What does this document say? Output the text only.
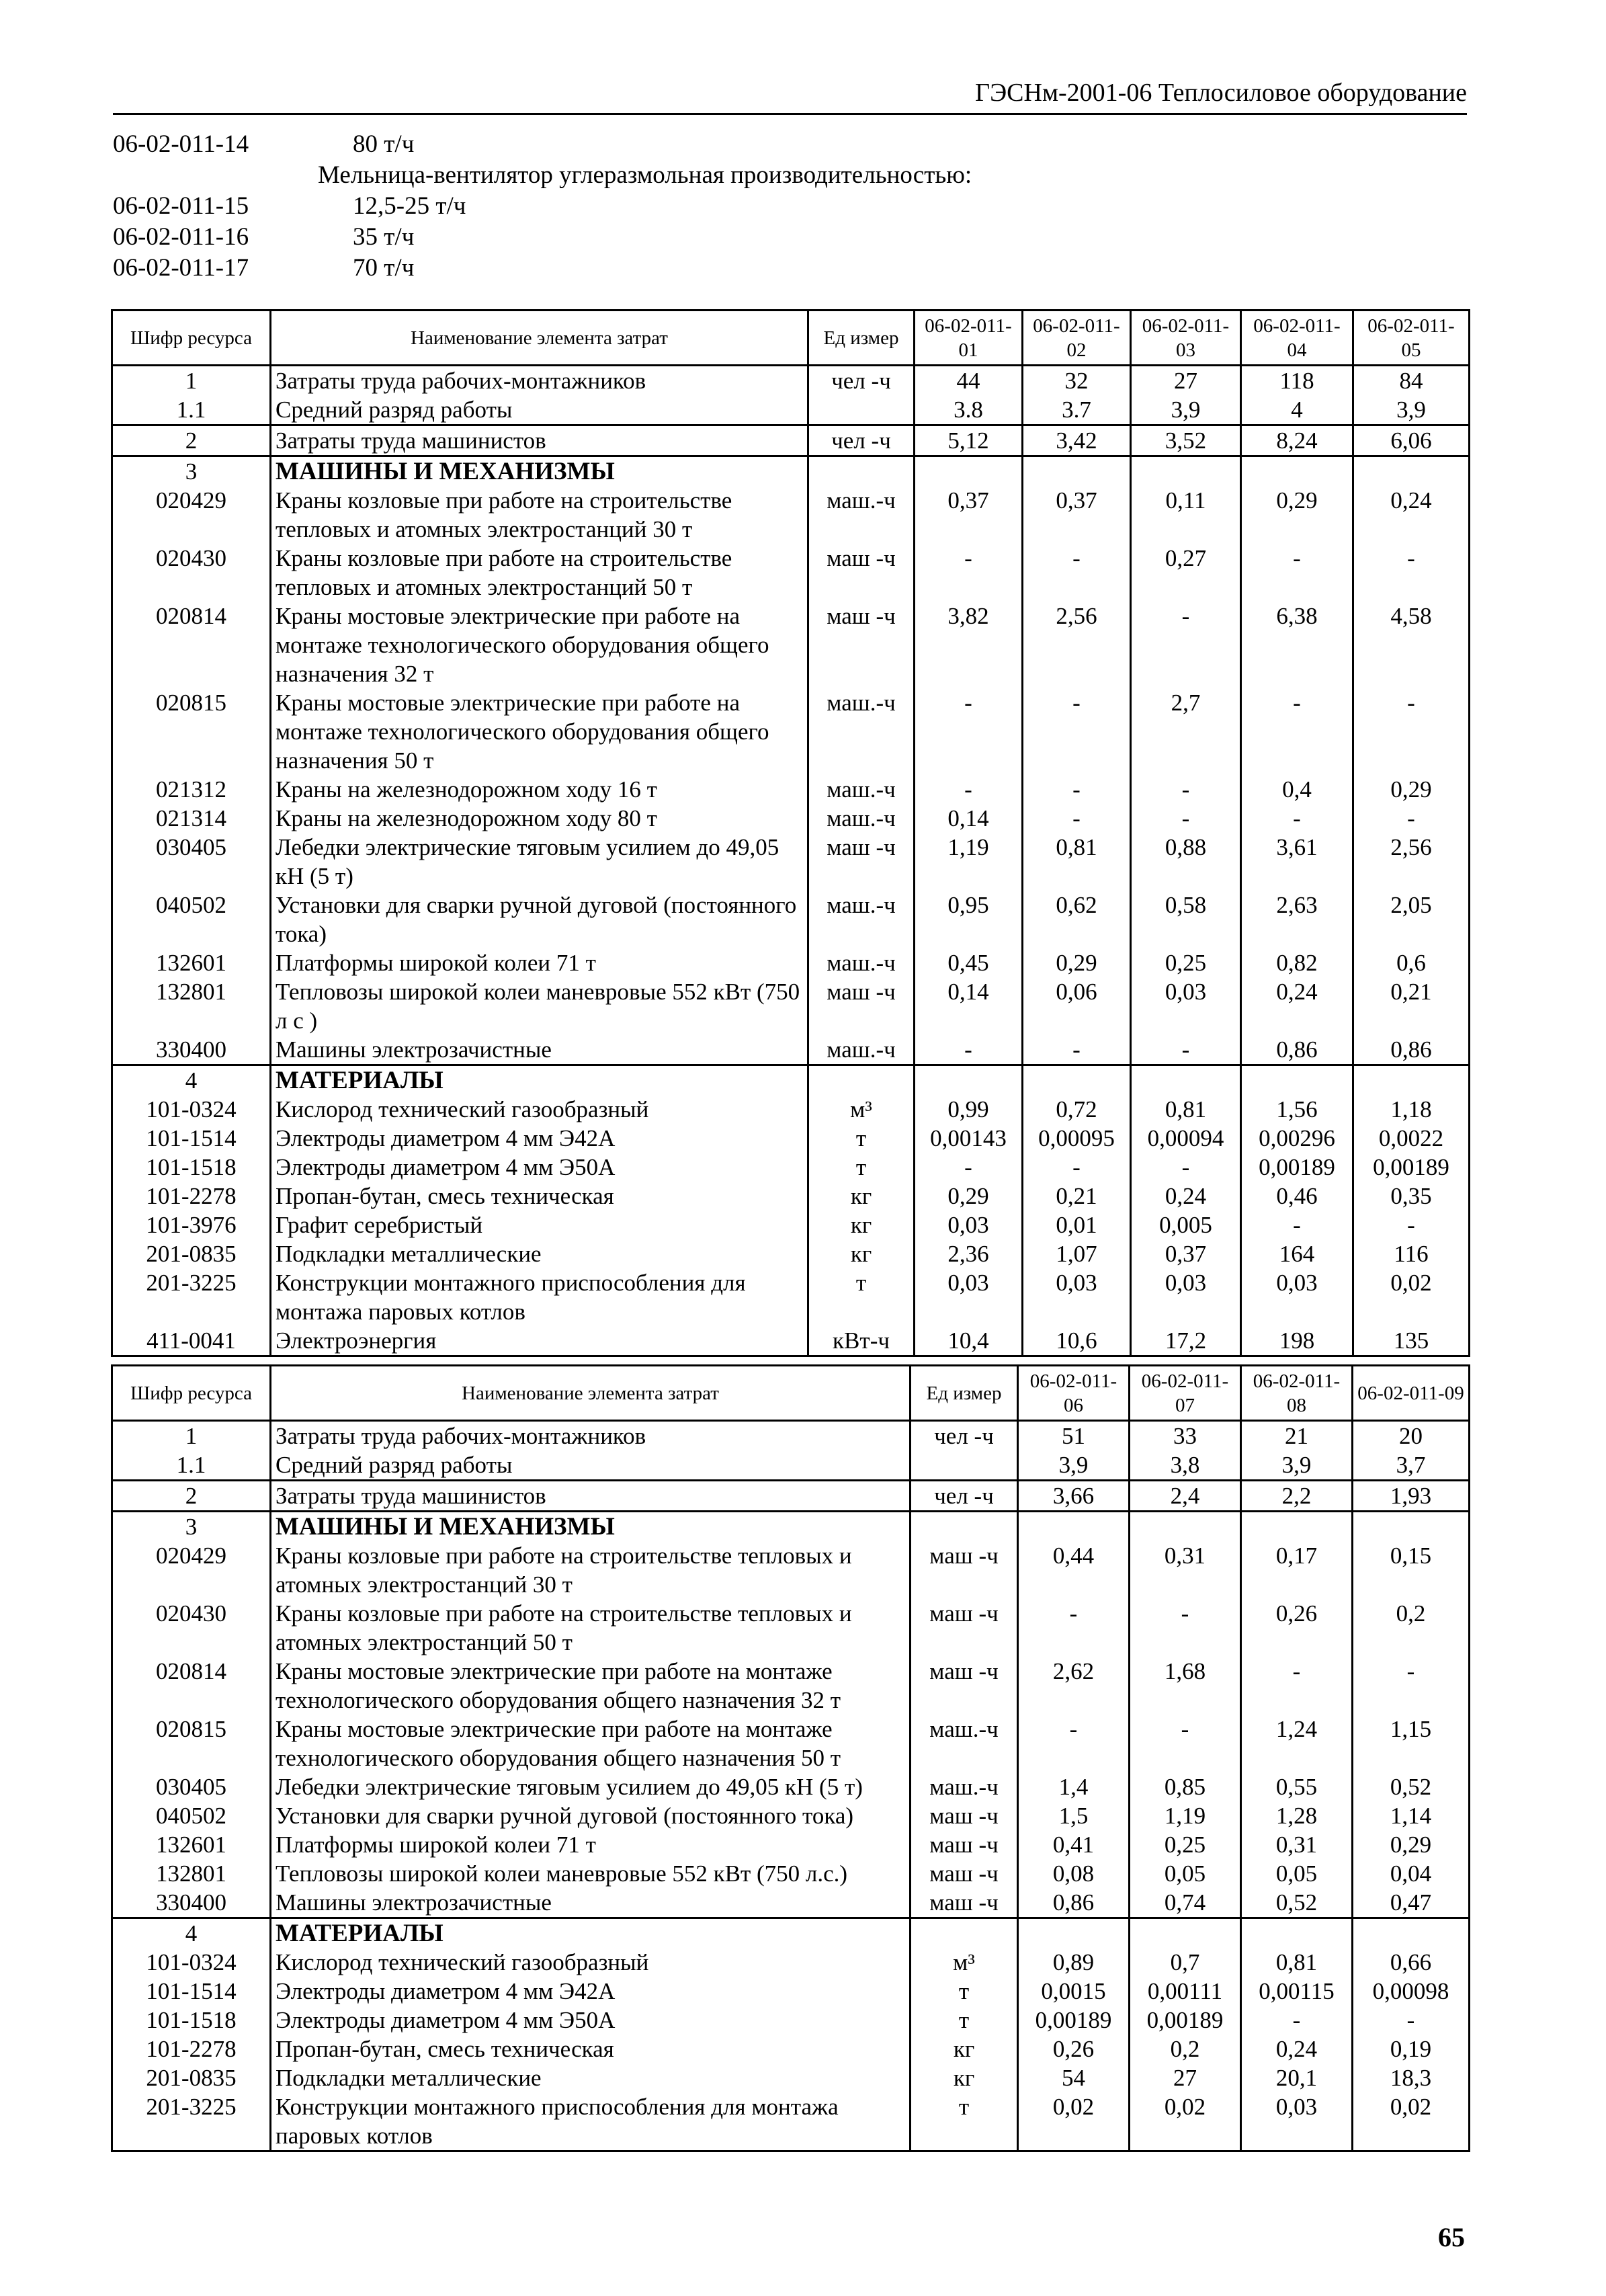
ГЭСНм-2001-06 Теплосиловое оборудование
06-02-011-14	80 т/ч
Мельница-вентилятор углеразмольная производительностью:
06-02-011-15	12,5-25 т/ч
06-02-011-16	35 т/ч
06-02-011-17	70 т/ч
Шифр ресурса	Наименование элемента затрат	Ед измер	06-02-011-01	06-02-011-02	06-02-011-03	06-02-011-04	06-02-011-05
1	Затраты труда рабочих-монтажников	чел -ч	44	32	27	118	84
1.1	Средний разряд работы		3.8	3.7	3,9	4	3,9
2	Затраты труда машинистов	чел -ч	5,12	3,42	3,52	8,24	6,06
3	МАШИНЫ И МЕХАНИЗМЫ						
020429	Краны козловые при работе на строительстве тепловых и атомных электростанций 30 т	маш.-ч	0,37	0,37	0,11	0,29	0,24
020430	Краны козловые при работе на строительстве тепловых и атомных электростанций 50 т	маш -ч	-	-	0,27	-	-
020814	Краны мостовые электрические при работе на монтаже технологического оборудования общего назначения 32 т	маш -ч	3,82	2,56	-	6,38	4,58
020815	Краны мостовые электрические при работе на монтаже технологического оборудования общего назначения 50 т	маш.-ч	-	-	2,7	-	-
021312	Краны на железнодорожном ходу 16 т	маш.-ч	-	-	-	0,4	0,29
021314	Краны на железнодорожном ходу 80 т	маш.-ч	0,14	-	-	-	-
030405	Лебедки электрические тяговым усилием до 49,05 кН (5 т)	маш -ч	1,19	0,81	0,88	3,61	2,56
040502	Установки для сварки ручной дуговой (постоянного тока)	маш.-ч	0,95	0,62	0,58	2,63	2,05
132601	Платформы широкой колеи 71 т	маш.-ч	0,45	0,29	0,25	0,82	0,6
132801	Тепловозы широкой колеи маневровые 552 кВт (750 л с )	маш -ч	0,14	0,06	0,03	0,24	0,21
330400	Машины электрозачистные	маш.-ч	-	-	-	0,86	0,86
4	МАТЕРИАЛЫ						
101-0324	Кислород технический газообразный	м³	0,99	0,72	0,81	1,56	1,18
101-1514	Электроды диаметром 4 мм Э42А	т	0,00143	0,00095	0,00094	0,00296	0,0022
101-1518	Электроды диаметром 4 мм Э50А	т	-	-	-	0,00189	0,00189
101-2278	Пропан-бутан, смесь техническая	кг	0,29	0,21	0,24	0,46	0,35
101-3976	Графит серебристый	кг	0,03	0,01	0,005	-	-
201-0835	Подкладки металлические	кг	2,36	1,07	0,37	164	116
201-3225	Конструкции монтажного приспособления для монтажа паровых котлов	т	0,03	0,03	0,03	0,03	0,02
411-0041	Электроэнергия	кВт-ч	10,4	10,6	17,2	198	135
Шифр ресурса	Наименование элемента затрат	Ед измер	06-02-011-06	06-02-011-07	06-02-011-08	06-02-011-09
1	Затраты труда рабочих-монтажников	чел -ч	51	33	21	20
1.1	Средний разряд работы		3,9	3,8	3,9	3,7
2	Затраты труда машинистов	чел -ч	3,66	2,4	2,2	1,93
3	МАШИНЫ И МЕХАНИЗМЫ					
020429	Краны козловые при работе на строительстве тепловых и атомных электростанций 30 т	маш -ч	0,44	0,31	0,17	0,15
020430	Краны козловые при работе на строительстве тепловых и атомных электростанций 50 т	маш -ч	-	-	0,26	0,2
020814	Краны мостовые электрические при работе на монтаже технологического оборудования общего назначения 32 т	маш -ч	2,62	1,68	-	-
020815	Краны мостовые электрические при работе на монтаже технологического оборудования общего назначения 50 т	маш.-ч	-	-	1,24	1,15
030405	Лебедки электрические тяговым усилием до 49,05 кН (5 т)	маш.-ч	1,4	0,85	0,55	0,52
040502	Установки для сварки ручной дуговой (постоянного тока)	маш -ч	1,5	1,19	1,28	1,14
132601	Платформы широкой колеи 71 т	маш -ч	0,41	0,25	0,31	0,29
132801	Тепловозы широкой колеи маневровые 552 кВт (750 л.с.)	маш -ч	0,08	0,05	0,05	0,04
330400	Машины электрозачистные	маш -ч	0,86	0,74	0,52	0,47
4	МАТЕРИАЛЫ					
101-0324	Кислород технический газообразный	м³	0,89	0,7	0,81	0,66
101-1514	Электроды диаметром 4 мм Э42А	т	0,0015	0,00111	0,00115	0,00098
101-1518	Электроды диаметром 4 мм Э50А	т	0,00189	0,00189	-	-
101-2278	Пропан-бутан, смесь техническая	кг	0,26	0,2	0,24	0,19
201-0835	Подкладки металлические	кг	54	27	20,1	18,3
201-3225	Конструкции монтажного приспособления для монтажа паровых котлов	т	0,02	0,02	0,03	0,02
65
